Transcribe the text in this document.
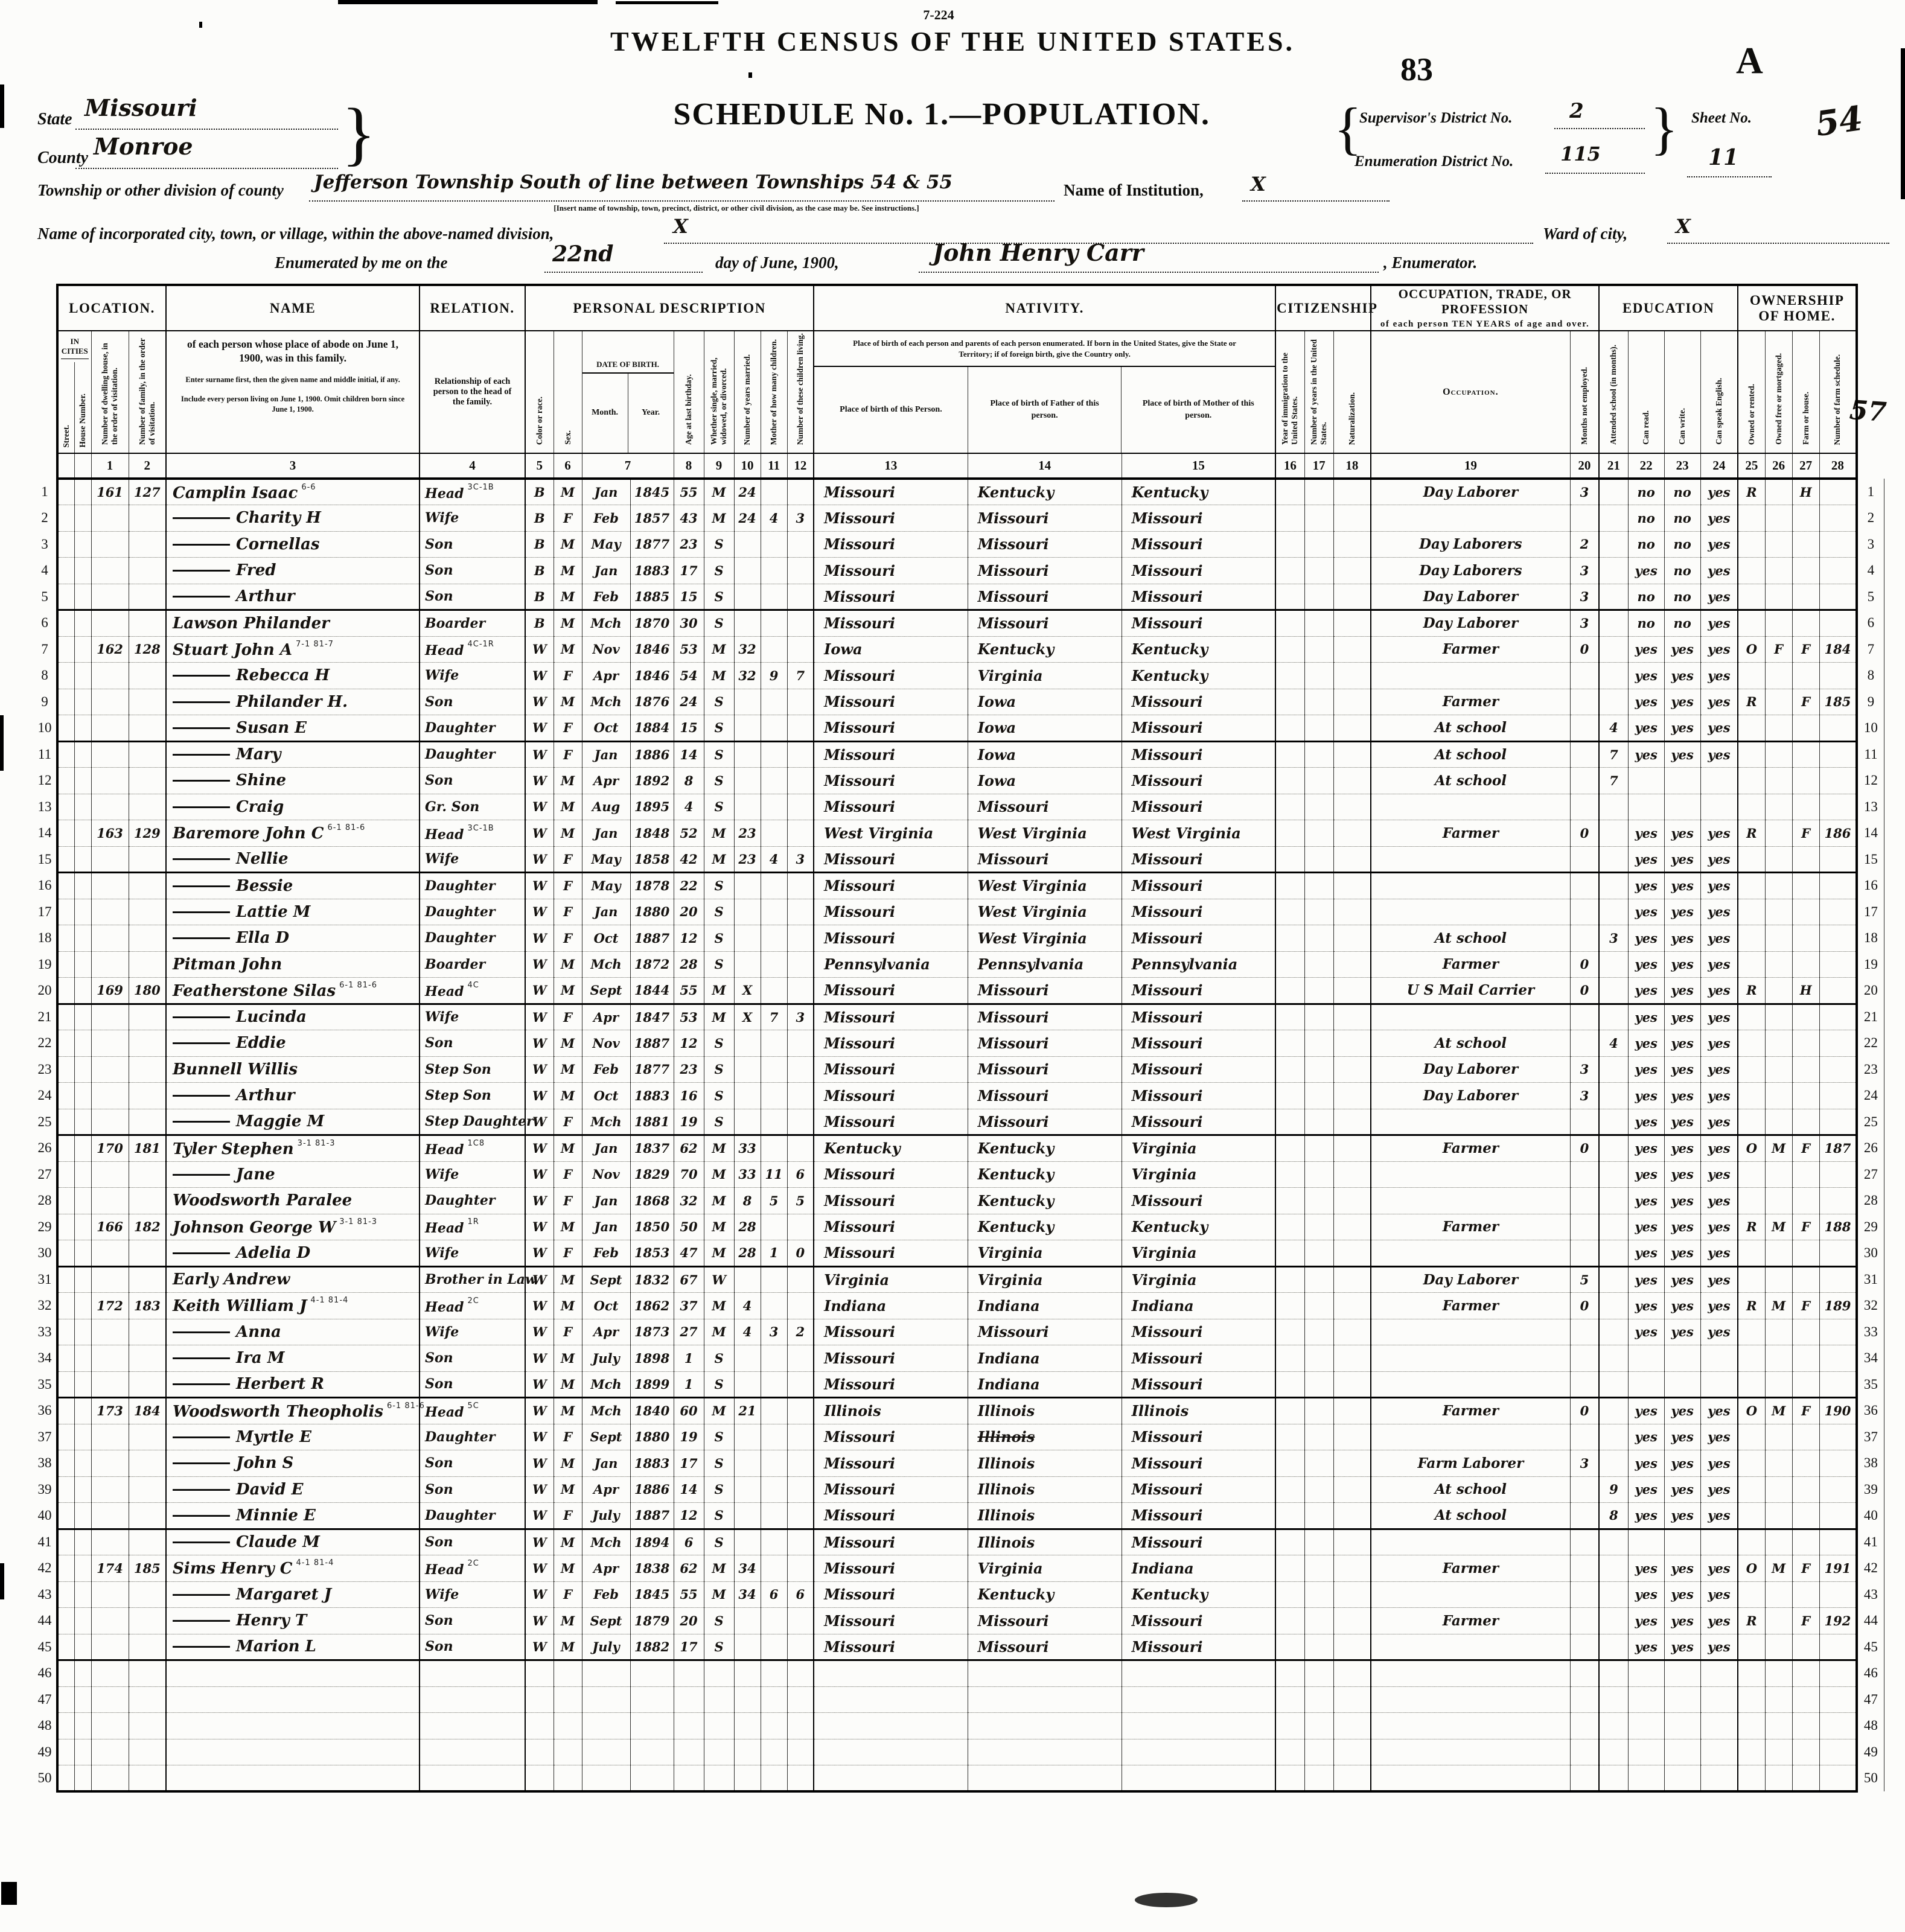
7-224
TWELFTH CENSUS OF THE UNITED STATES.
83	A
SCHEDULE No. 1.—POPULATION.	54
57
State Missouri
County Monroe
}
{
Supervisor's District No.	2
Enumeration District No. 115
}
Sheet No.
11
Township or other division of county Jefferson Township South of line between Townships 54 & 55
[Insert name of township, town, precinct, district, or other civil division, as the case may be. See instructions.]
Name of Institution, X
Name of incorporated city, town, or village, within the above-named division,	X	Ward of city, X
Enumerated by me on the	22nd	day of June, 1900,	John Henry Carr	, Enumerator.
	LOCATION.				NAME	RELATION.	PERSONAL DESCRIPTION									NATIVITY.			CITIZENSHIP			OCCUPATION, TRADE, OR PROFESSION
of each person TEN YEARS of age and over.		EDUCATION				OWNERSHIP OF HOME.				

IN CITIES
Street. House Number.	Number of dwelling house, in the order of visitation.	Number of family, in the order of visitation.	
of each person whose place of abode on June 1, 1900, was in this family.
Enter surname first, then the given name and middle initial, if any.
Include every person living on June 1, 1900. Omit children born since June 1, 1900.

Relationship of each person to the head of the family.	Color or race.	Sex.	
DATE OF BIRTH.
Month.	Year.	Age at last birthday.	Whether single, married, widowed, or divorced.	Number of years married.	Mother of how many children.	Number of these children living.	Place of birth of each person and parents of each person enumerated. If born in the United States, give the State or Territory; if of foreign birth, give the Country only.
Place of birth of this Person.
Place of birth of Father of this person.
Place of birth of Mother of this person.	Year of immigration to the United States.	Number of years in the United States.	Naturalization.	
Occupation.	Months not employed.	Attended school (in months).	Can read.	Can write.	Can speak English.	Owned or rented.	Owned free or mortgaged.	Farm or house.	Number of farm schedule.
			1	2	3	4	5	6	7		8	9	10	11	12	13	14	15	16	17	18	19	20	21	22	23	24	25	26	27	28	
1			161	127	Camplin Isaac $^{6-6}$	Head $^{3C-1B}$	B	M	Jan	1845	55	M	24			Missouri	Kentucky	Kentucky				Day Laborer	3		no	no	yes	R		H		1
2					Charity H	Wife	B	F	Feb	1857	43	M	24	4	3	Missouri	Missouri	Missouri							no	no	yes					2
3					Cornellas	Son	B	M	May	1877	23	S				Missouri	Missouri	Missouri				Day Laborers	2		no	no	yes					3
4					Fred	Son	B	M	Jan	1883	17	S				Missouri	Missouri	Missouri				Day Laborers	3		yes	no	yes					4
5					Arthur	Son	B	M	Feb	1885	15	S				Missouri	Missouri	Missouri				Day Laborer	3		no	no	yes					5
6					Lawson Philander	Boarder	B	M	Mch	1870	30	S				Missouri	Missouri	Missouri				Day Laborer	3		no	no	yes					6
7			162	128	Stuart John A $^{7-1 81-7}$	Head $^{4C-1R}$	W	M	Nov	1846	53	M	32			Iowa	Kentucky	Kentucky				Farmer	0		yes	yes	yes	O	F	F	184	7
8					Rebecca H	Wife	W	F	Apr	1846	54	M	32	9	7	Missouri	Virginia	Kentucky							yes	yes	yes					8
9					Philander H.	Son	W	M	Mch	1876	24	S				Missouri	Iowa	Missouri				Farmer			yes	yes	yes	R		F	185	9
10					Susan E	Daughter	W	F	Oct	1884	15	S				Missouri	Iowa	Missouri				At school		4	yes	yes	yes					10
11					Mary	Daughter	W	F	Jan	1886	14	S				Missouri	Iowa	Missouri				At school		7	yes	yes	yes					11
12					Shine	Son	W	M	Apr	1892	8	S				Missouri	Iowa	Missouri				At school		7								12
13					Craig	Gr. Son	W	M	Aug	1895	4	S				Missouri	Missouri	Missouri														13
14			163	129	Baremore John C $^{6-1 81-6}$	Head $^{3C-1B}$	W	M	Jan	1848	52	M	23			West Virginia	West Virginia	West Virginia				Farmer	0		yes	yes	yes	R		F	186	14
15					Nellie	Wife	W	F	May	1858	42	M	23	4	3	Missouri	Missouri	Missouri							yes	yes	yes					15
16					Bessie	Daughter	W	F	May	1878	22	S				Missouri	West Virginia	Missouri							yes	yes	yes					16
17					Lattie M	Daughter	W	F	Jan	1880	20	S				Missouri	West Virginia	Missouri							yes	yes	yes					17
18					Ella D	Daughter	W	F	Oct	1887	12	S				Missouri	West Virginia	Missouri				At school		3	yes	yes	yes					18
19					Pitman John	Boarder	W	M	Mch	1872	28	S				Pennsylvania	Pennsylvania	Pennsylvania				Farmer	0		yes	yes	yes					19
20			169	180	Featherstone Silas $^{6-1 81-6}$	Head $^{4C}$	W	M	Sept	1844	55	M	X			Missouri	Missouri	Missouri				U S Mail Carrier	0		yes	yes	yes	R		H		20
21					Lucinda	Wife	W	F	Apr	1847	53	M	X	7	3	Missouri	Missouri	Missouri							yes	yes	yes					21
22					Eddie	Son	W	M	Nov	1887	12	S				Missouri	Missouri	Missouri				At school		4	yes	yes	yes					22
23					Bunnell Willis	Step Son	W	M	Feb	1877	23	S				Missouri	Missouri	Missouri				Day Laborer	3		yes	yes	yes					23
24					Arthur	Step Son	W	M	Oct	1883	16	S				Missouri	Missouri	Missouri				Day Laborer	3		yes	yes	yes					24
25					Maggie M	Step Daughter	W	F	Mch	1881	19	S				Missouri	Missouri	Missouri							yes	yes	yes					25
26			170	181	Tyler Stephen $^{3-1 81-3}$	Head $^{1C8}$	W	M	Jan	1837	62	M	33			Kentucky	Kentucky	Virginia				Farmer	0		yes	yes	yes	O	M	F	187	26
27					Jane	Wife	W	F	Nov	1829	70	M	33	11	6	Missouri	Kentucky	Virginia							yes	yes	yes					27
28					Woodsworth Paralee	Daughter	W	F	Jan	1868	32	M	8	5	5	Missouri	Kentucky	Missouri							yes	yes	yes					28
29			166	182	Johnson George W $^{3-1 81-3}$	Head $^{1R}$	W	M	Jan	1850	50	M	28			Missouri	Kentucky	Kentucky				Farmer			yes	yes	yes	R	M	F	188	29
30					Adelia D	Wife	W	F	Feb	1853	47	M	28	1	0	Missouri	Virginia	Virginia							yes	yes	yes					30
31					Early Andrew	Brother in Law	W	M	Sept	1832	67	W				Virginia	Virginia	Virginia				Day Laborer	5		yes	yes	yes					31
32			172	183	Keith William J $^{4-1 81-4}$	Head $^{2C}$	W	M	Oct	1862	37	M	4			Indiana	Indiana	Indiana				Farmer	0		yes	yes	yes	R	M	F	189	32
33					Anna	Wife	W	F	Apr	1873	27	M	4	3	2	Missouri	Missouri	Missouri							yes	yes	yes					33
34					Ira M	Son	W	M	July	1898	1	S				Missouri	Indiana	Missouri														34
35					Herbert R	Son	W	M	Mch	1899	1	S				Missouri	Indiana	Missouri														35
36			173	184	Woodsworth Theopholis $^{6-1 81-6}$	Head $^{5C}$	W	M	Mch	1840	60	M	21			Illinois	Illinois	Illinois				Farmer	0		yes	yes	yes	O	M	F	190	36
37					Myrtle E	Daughter	W	F	Sept	1880	19	S				Missouri	Illinois	Missouri							yes	yes	yes					37
38					John S	Son	W	M	Jan	1883	17	S				Missouri	Illinois	Missouri				Farm Laborer	3		yes	yes	yes					38
39					David E	Son	W	M	Apr	1886	14	S				Missouri	Illinois	Missouri				At school		9	yes	yes	yes					39
40					Minnie E	Daughter	W	F	July	1887	12	S				Missouri	Illinois	Missouri				At school		8	yes	yes	yes					40
41					Claude M	Son	W	M	Mch	1894	6	S				Missouri	Illinois	Missouri														41
42			174	185	Sims Henry C $^{4-1 81-4}$	Head $^{2C}$	W	M	Apr	1838	62	M	34			Missouri	Virginia	Indiana				Farmer			yes	yes	yes	O	M	F	191	42
43					Margaret J	Wife	W	F	Feb	1845	55	M	34	6	6	Missouri	Kentucky	Kentucky							yes	yes	yes					43
44					Henry T	Son	W	M	Sept	1879	20	S				Missouri	Missouri	Missouri				Farmer			yes	yes	yes	R		F	192	44
45					Marion L	Son	W	M	July	1882	17	S				Missouri	Missouri	Missouri							yes	yes	yes					45
46																																46
47																																47
48																																48
49																																49
50																																50
